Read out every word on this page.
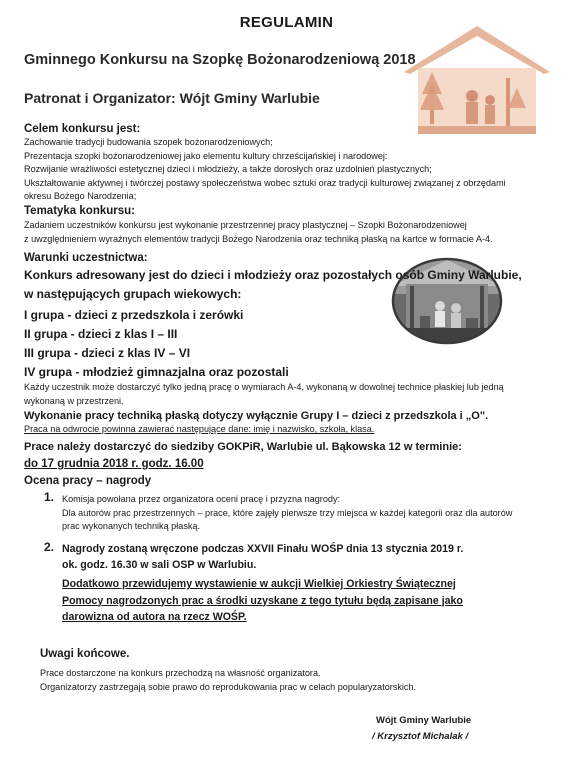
REGULAMIN
Gminnego Konkursu na Szopkę Bożonarodzeniową 2018
Patronat i Organizator: Wójt Gminy Warlubie
Celem konkursu jest:
Zachowanie tradycji budowania szopek bożonarodzeniowych;
Prezentacja szopki bożonarodzeniowej jako elementu kultury chrześcijańskiej i narodowej:
Rozwijanie wrażliwości estetycznej dzieci i młodzieży, a także dorosłych oraz uzdolnień plastycznych;
Ukształtowanie aktywnej i twórczej postawy społeczeństwa wobec sztuki oraz tradycji kulturowej związanej z obrzędami
okresu Bożego Narodzenia;
Tematyka konkursu:
Zadaniem uczestników konkursu jest wykonanie przestrzennej pracy plastycznej – Szopki Bożonarodzeniowej
z uwzględnieniem wyraźnych elementów tradycji Bożego Narodzenia oraz techniką płaską na kartce w formacie A-4.
Warunki uczestnictwa:
Konkurs adresowany jest do dzieci i młodzieży oraz pozostałych osób Gminy Warlubie,
w następujących grupach wiekowych:
I grupa - dzieci z przedszkola i zerówki
II grupa - dzieci z klas I – III
III grupa - dzieci z klas IV – VI
IV grupa - młodzież gimnazjalna oraz pozostali
Każdy uczestnik może dostarczyć tylko jedną pracę o wymiarach A-4, wykonaną w dowolnej technice płaskiej lub jedną
wykonaną w przestrzeni.
Wykonanie pracy techniką płaską dotyczy wyłącznie Grupy I – dzieci z przedszkola i „O".
Praca na odwrocie powinna zawierać następujące dane: imię i nazwisko, szkoła, klasa.
Prace należy dostarczyć do siedziby GOKPiR, Warlubie ul. Bąkowska 12 w terminie:
do 17 grudnia 2018 r. godz. 16.00
Ocena pracy – nagrody
1. Komisja powołana przez organizatora oceni pracę i przyzna nagrody:
Dla autorów prac przestrzennych – prace, które zajęły pierwsze trzy miejsca w każdej kategorii oraz dla autorów
prac wykonanych techniką płaską.
2. Nagrody zostaną wręczone podczas XXVII Finału WOŚP dnia 13 stycznia 2019 r.
ok. godz. 16.30 w sali OSP w Warlubiu.
Dodatkowo przewidujemy wystawienie w aukcji Wielkiej Orkiestry Świątecznej
Pomocy nagrodzonych prac a środki uzyskane z tego tytułu będą zapisane jako
darowizna od autora na rzecz WOŚP.
Uwagi końcowe.
Prace dostarczone na konkurs przechodzą na własność organizatora.
Organizatorzy zastrzegają sobie prawo do reprodukowania prac w celach popularyzatorskich.
Wójt Gminy Warlubie
/ Krzysztof Michalak /
